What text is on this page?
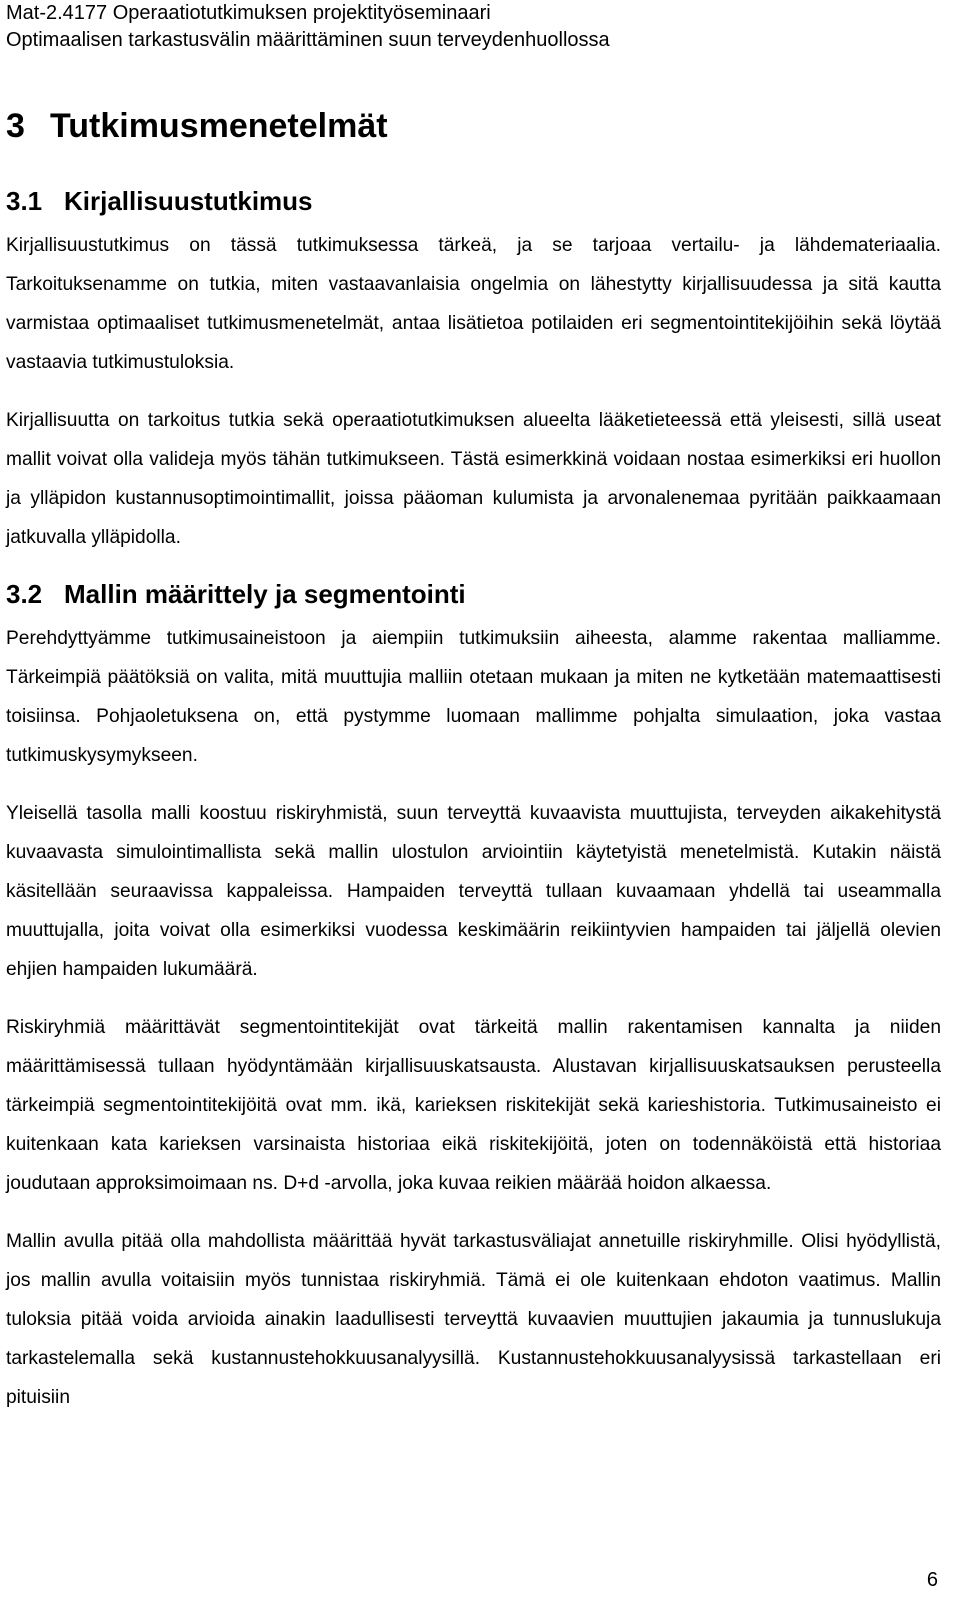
Mat-2.4177 Operaatiotutkimuksen projektityöseminaari
Optimaalisen tarkastusvälin määrittäminen suun terveydenhuollossa
3 Tutkimusmenetelmät
3.1 Kirjallisuustutkimus

Kirjallisuustutkimus on tässä tutkimuksessa tärkeä, ja se tarjoaa vertailu- ja lähdemateriaalia. Tarkoituksenamme on tutkia, miten vastaavanlaisia ongelmia on lähestytty kirjallisuudessa ja sitä kautta varmistaa optimaaliset tutkimusmenetelmät, antaa lisätietoa potilaiden eri segmentointitekijöihin sekä löytää vastaavia tutkimustuloksia.

Kirjallisuutta on tarkoitus tutkia sekä operaatiotutkimuksen alueelta lääketieteessä että yleisesti, sillä useat mallit voivat olla valideja myös tähän tutkimukseen. Tästä esimerkkinä voidaan nostaa esimerkiksi eri huollon ja ylläpidon kustannusoptimointimallit, joissa pääoman kulumista ja arvonalenemaa pyritään paikkaamaan jatkuvalla ylläpidolla.

3.2 Mallin määrittely ja segmentointi

Perehdyttyämme tutkimusaineistoon ja aiempiin tutkimuksiin aiheesta, alamme rakentaa malliamme. Tärkeimpiä päätöksiä on valita, mitä muuttujia malliin otetaan mukaan ja miten ne kytketään matemaattisesti toisiinsa. Pohjaoletuksena on, että pystymme luomaan mallimme pohjalta simulaation, joka vastaa tutkimuskysymykseen.

Yleisellä tasolla malli koostuu riskiryhmistä, suun terveyttä kuvaavista muuttujista, terveyden aikakehitystä kuvaavasta simulointimallista sekä mallin ulostulon arviointiin käytetyistä menetelmistä. Kutakin näistä käsitellään seuraavissa kappaleissa. Hampaiden terveyttä tullaan kuvaamaan yhdellä tai useammalla muuttujalla, joita voivat olla esimerkiksi vuodessa keskimäärin reikiintyvien hampaiden tai jäljellä olevien ehjien hampaiden lukumäärä.

Riskiryhmiä määrittävät segmentointitekijät ovat tärkeitä mallin rakentamisen kannalta ja niiden määrittämisessä tullaan hyödyntämään kirjallisuuskatsausta. Alustavan kirjallisuuskatsauksen perusteella tärkeimpiä segmentointitekijöitä ovat mm. ikä, karieksen riskitekijät sekä karieshistoria. Tutkimusaineisto ei kuitenkaan kata karieksen varsinaista historiaa eikä riskitekijöitä, joten on todennäköistä että historiaa joudutaan approksimoimaan ns. D+d -arvolla, joka kuvaa reikien määrää hoidon alkaessa.

Mallin avulla pitää olla mahdollista määrittää hyvät tarkastusväliajat annetuille riskiryhmille. Olisi hyödyllistä, jos mallin avulla voitaisiin myös tunnistaa riskiryhmiä. Tämä ei ole kuitenkaan ehdoton vaatimus. Mallin tuloksia pitää voida arvioida ainakin laadullisesti terveyttä kuvaavien muuttujien jakaumia ja tunnuslukuja tarkastelemalla sekä kustannustehokkuusanalyysillä. Kustannustehokkuusanalyysissä tarkastellaan eri pituisiin

6
